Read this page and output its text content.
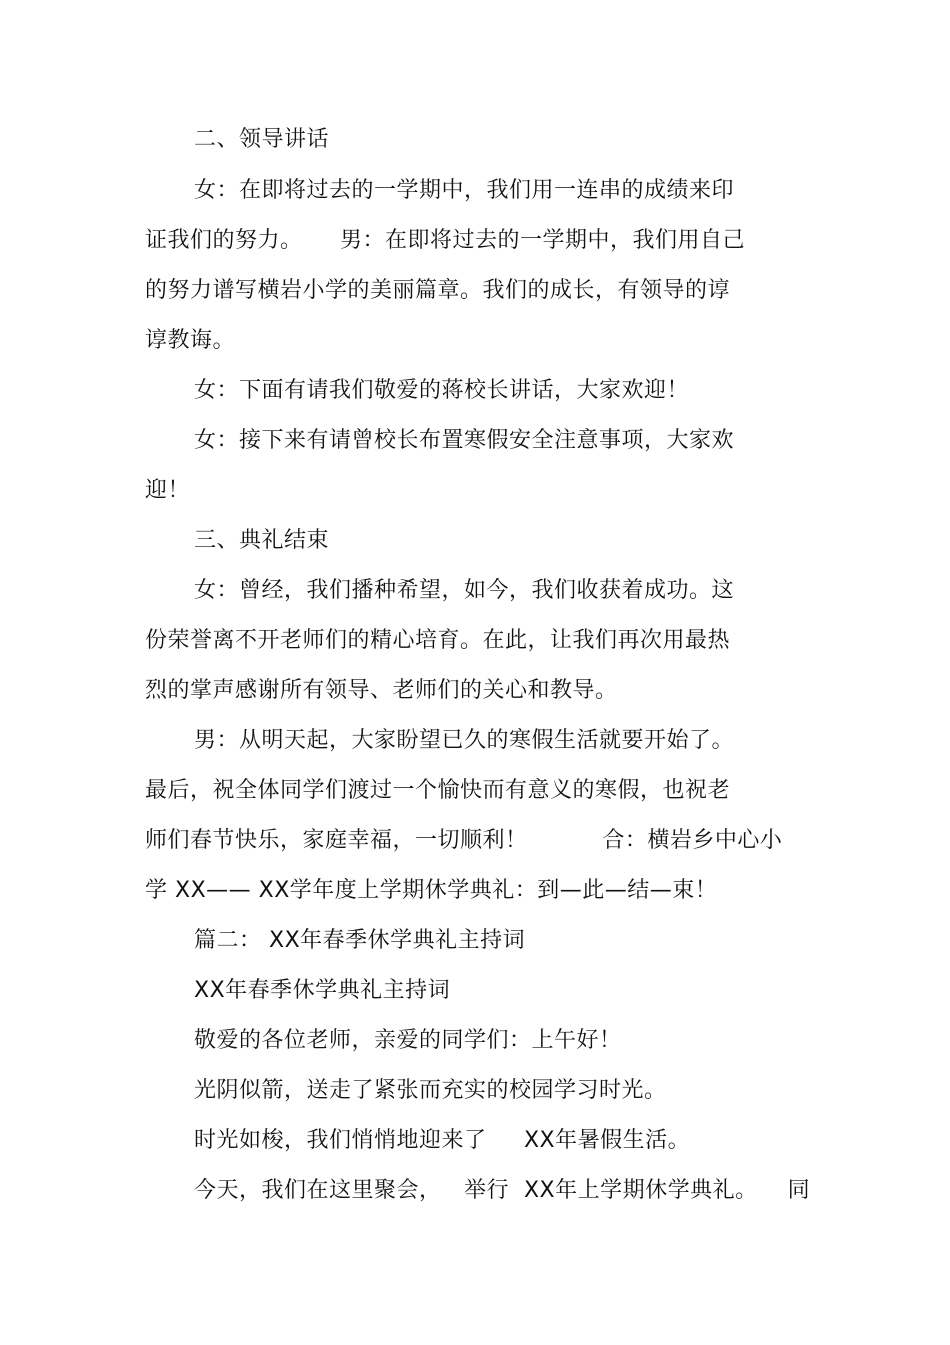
二、领导讲话
女：在即将过去的一学期中，我们用一连串的成绩来印
证我们的努力。     男：在即将过去的一学期中，我们用自己
的努力谱写横岩小学的美丽篇章。我们的成长，有领导的谆
谆教诲。
女：下面有请我们敬爱的蒋校长讲话，大家欢迎！
女：接下来有请曾校长布置寒假安全注意事项，大家欢
迎！
三、典礼结束
女：曾经，我们播种希望，如今，我们收获着成功。这
份荣誉离不开老师们的精心培育。在此，让我们再次用最热
烈的掌声感谢所有领导、老师们的关心和教导。
男：从明天起，大家盼望已久的寒假生活就要开始了。
最后，祝全体同学们渡过一个愉快而有意义的寒假，也祝老
师们春节快乐，家庭幸福，一切顺利！          合：横岩乡中心小
学 XX—— XX学年度上学期休学典礼：到—此—结—束！
篇二： XX年春季休学典礼主持词
XX年春季休学典礼主持词
敬爱的各位老师，亲爱的同学们：上午好！
光阴似箭，送走了紧张而充实的校园学习时光。
时光如梭，我们悄悄地迎来了     XX年暑假生活。
今天，我们在这里聚会，   举行  XX年上学期休学典礼。    同
